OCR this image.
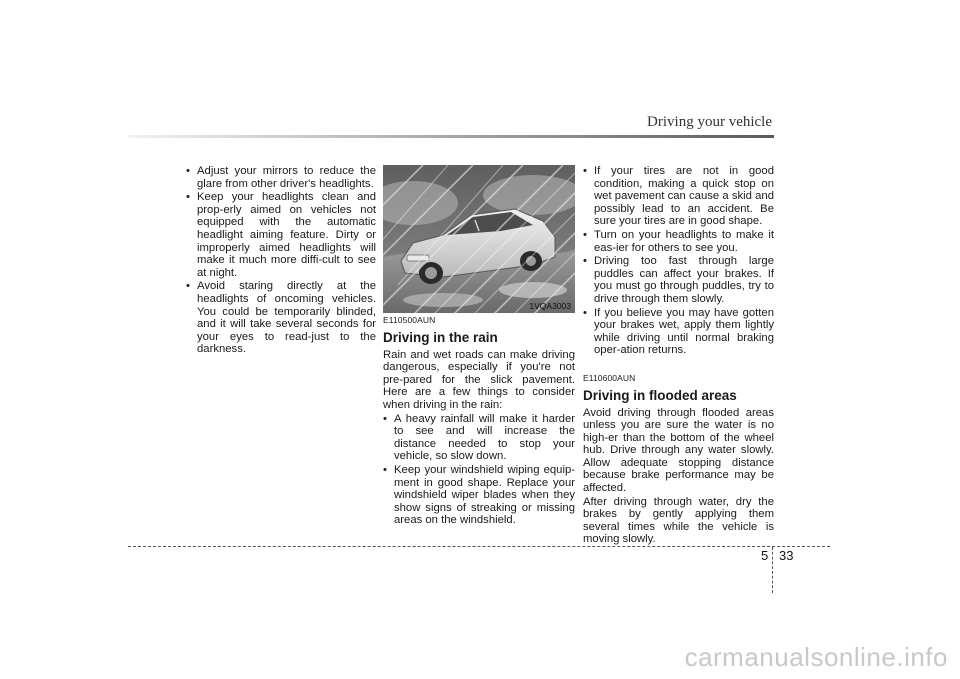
Driving your vehicle
• Adjust your mirrors to reduce the glare from other driver's headlights.
• Keep your headlights clean and prop-erly aimed on vehicles not equipped with the automatic headlight aiming feature. Dirty or improperly aimed headlights will make it much more diffi-cult to see at night.
• Avoid staring directly at the headlights of oncoming vehicles. You could be temporarily blinded, and it will take several seconds for your eyes to read-just to the darkness.
1VQA3003
E110500AUN
Driving in the rain

Rain and wet roads can make driving dangerous, especially if you're not pre-pared for the slick pavement. Here are a few things to consider when driving in the rain:

• A heavy rainfall will make it harder to see and will increase the distance needed to stop your vehicle, so slow down.
• Keep your windshield wiping equip-ment in good shape. Replace your windshield wiper blades when they show signs of streaking or missing areas on the windshield.
• If your tires are not in good condition, making a quick stop on wet pavement can cause a skid and possibly lead to an accident. Be sure your tires are in good shape.
• Turn on your headlights to make it eas-ier for others to see you.
• Driving too fast through large puddles can affect your brakes. If you must go through puddles, try to drive through them slowly.
• If you believe you may have gotten your brakes wet, apply them lightly while driving until normal braking oper-ation returns.
E110600AUN
Driving in flooded areas

Avoid driving through flooded areas unless you are sure the water is no high-er than the bottom of the wheel hub. Drive through any water slowly. Allow adequate stopping distance because brake performance may be affected.

After driving through water, dry the brakes by gently applying them several times while the vehicle is moving slowly.

5 33
carmanualsonline.info
